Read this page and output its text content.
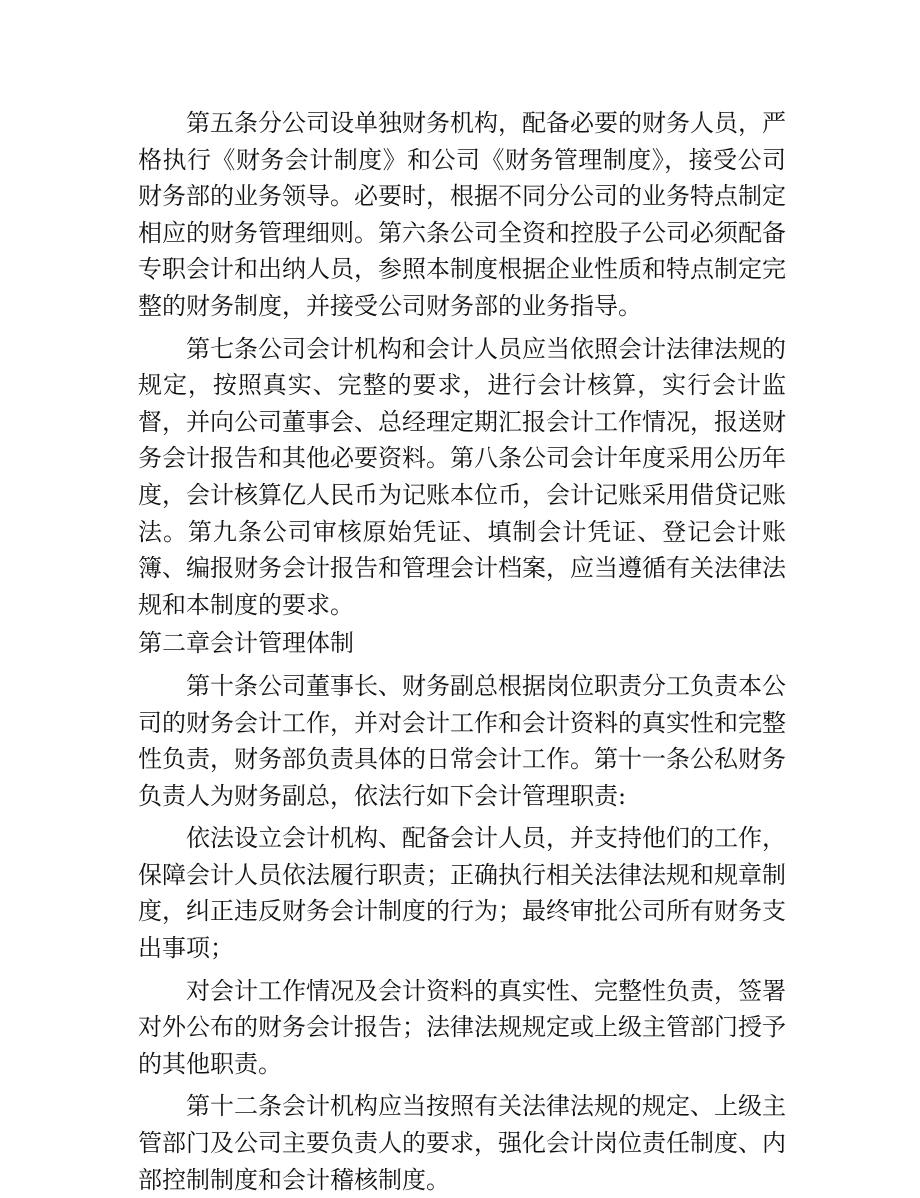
第五条分公司设单独财务机构，配备必要的财务人员，严格执行《财务会计制度》和公司《财务管理制度》，接受公司财务部的业务领导。必要时，根据不同分公司的业务特点制定相应的财务管理细则。第六条公司全资和控股子公司必须配备专职会计和出纳人员，参照本制度根据企业性质和特点制定完整的财务制度，并接受公司财务部的业务指导。

第七条公司会计机构和会计人员应当依照会计法律法规的规定，按照真实、完整的要求，进行会计核算，实行会计监督，并向公司董事会、总经理定期汇报会计工作情况，报送财务会计报告和其他必要资料。第八条公司会计年度采用公历年度，会计核算亿人民币为记账本位币，会计记账采用借贷记账法。第九条公司审核原始凭证、填制会计凭证、登记会计账簿、编报财务会计报告和管理会计档案，应当遵循有关法律法规和本制度的要求。

第二章会计管理体制

第十条公司董事长、财务副总根据岗位职责分工负责本公司的财务会计工作，并对会计工作和会计资料的真实性和完整性负责，财务部负责具体的日常会计工作。第十一条公私财务负责人为财务副总，依法行如下会计管理职责:

依法设立会计机构、配备会计人员，并支持他们的工作，保障会计人员依法履行职责；正确执行相关法律法规和规章制度，纠正违反财务会计制度的行为；最终审批公司所有财务支出事项；

对会计工作情况及会计资料的真实性、完整性负责，签署对外公布的财务会计报告；法律法规规定或上级主管部门授予的其他职责。

第十二条会计机构应当按照有关法律法规的规定、上级主管部门及公司主要负责人的要求，强化会计岗位责任制度、内部控制制度和会计稽核制度。
